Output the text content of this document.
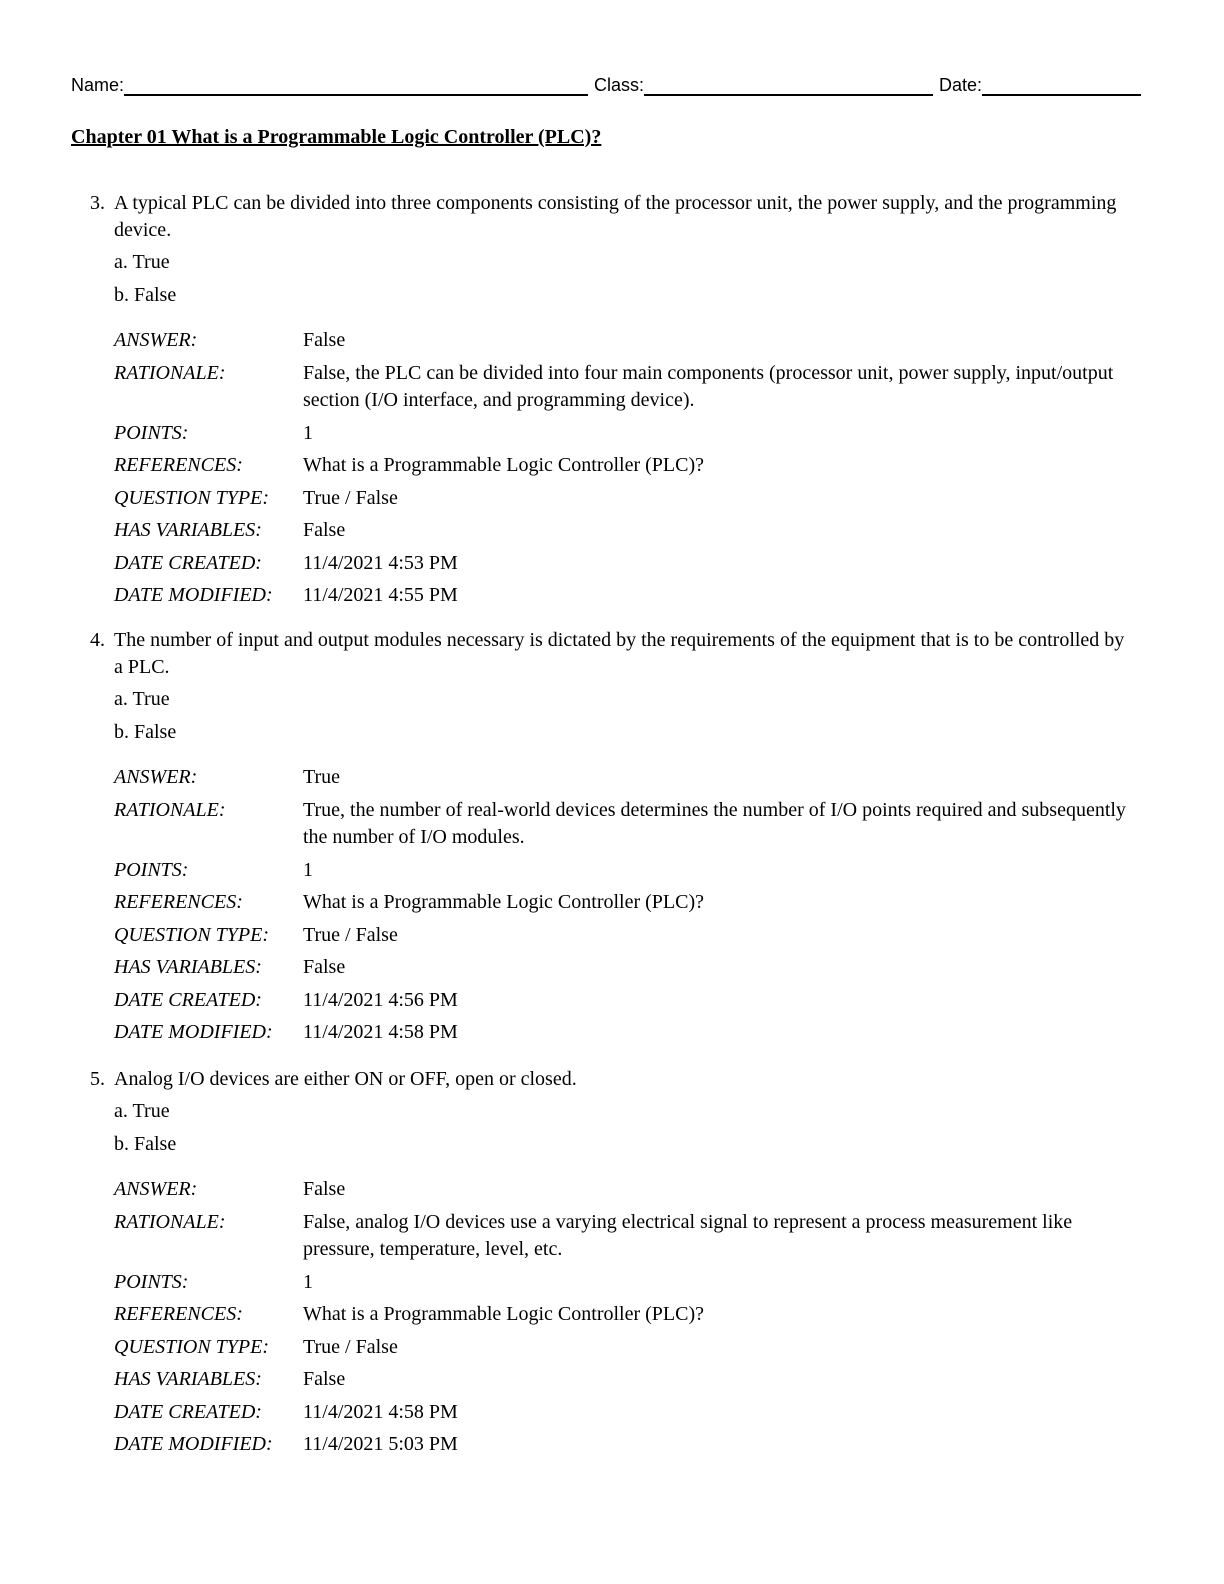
Name:	Class:	Date:
Chapter 01 What is a Programmable Logic Controller (PLC)?
3. A typical PLC can be divided into three components consisting of the processor unit, the power supply, and the programming device.
a. True
b. False
ANSWER:	False
RATIONALE:	False, the PLC can be divided into four main components (processor unit, power supply, input/output section (I/O interface, and programming device).
POINTS:	1
REFERENCES:	What is a Programmable Logic Controller (PLC)?
QUESTION TYPE:	True / False
HAS VARIABLES:	False
DATE CREATED:	11/4/2021 4:53 PM
DATE MODIFIED:	11/4/2021 4:55 PM
4. The number of input and output modules necessary is dictated by the requirements of the equipment that is to be controlled by a PLC.
a. True
b. False
ANSWER:	True
RATIONALE:	True, the number of real-world devices determines the number of I/O points required and subsequently the number of I/O modules.
POINTS:	1
REFERENCES:	What is a Programmable Logic Controller (PLC)?
QUESTION TYPE:	True / False
HAS VARIABLES:	False
DATE CREATED:	11/4/2021 4:56 PM
DATE MODIFIED:	11/4/2021 4:58 PM
5. Analog I/O devices are either ON or OFF, open or closed.
a. True
b. False
ANSWER:	False
RATIONALE:	False, analog I/O devices use a varying electrical signal to represent a process measurement like pressure, temperature, level, etc.
POINTS:	1
REFERENCES:	What is a Programmable Logic Controller (PLC)?
QUESTION TYPE:	True / False
HAS VARIABLES:	False
DATE CREATED:	11/4/2021 4:58 PM
DATE MODIFIED:	11/4/2021 5:03 PM
